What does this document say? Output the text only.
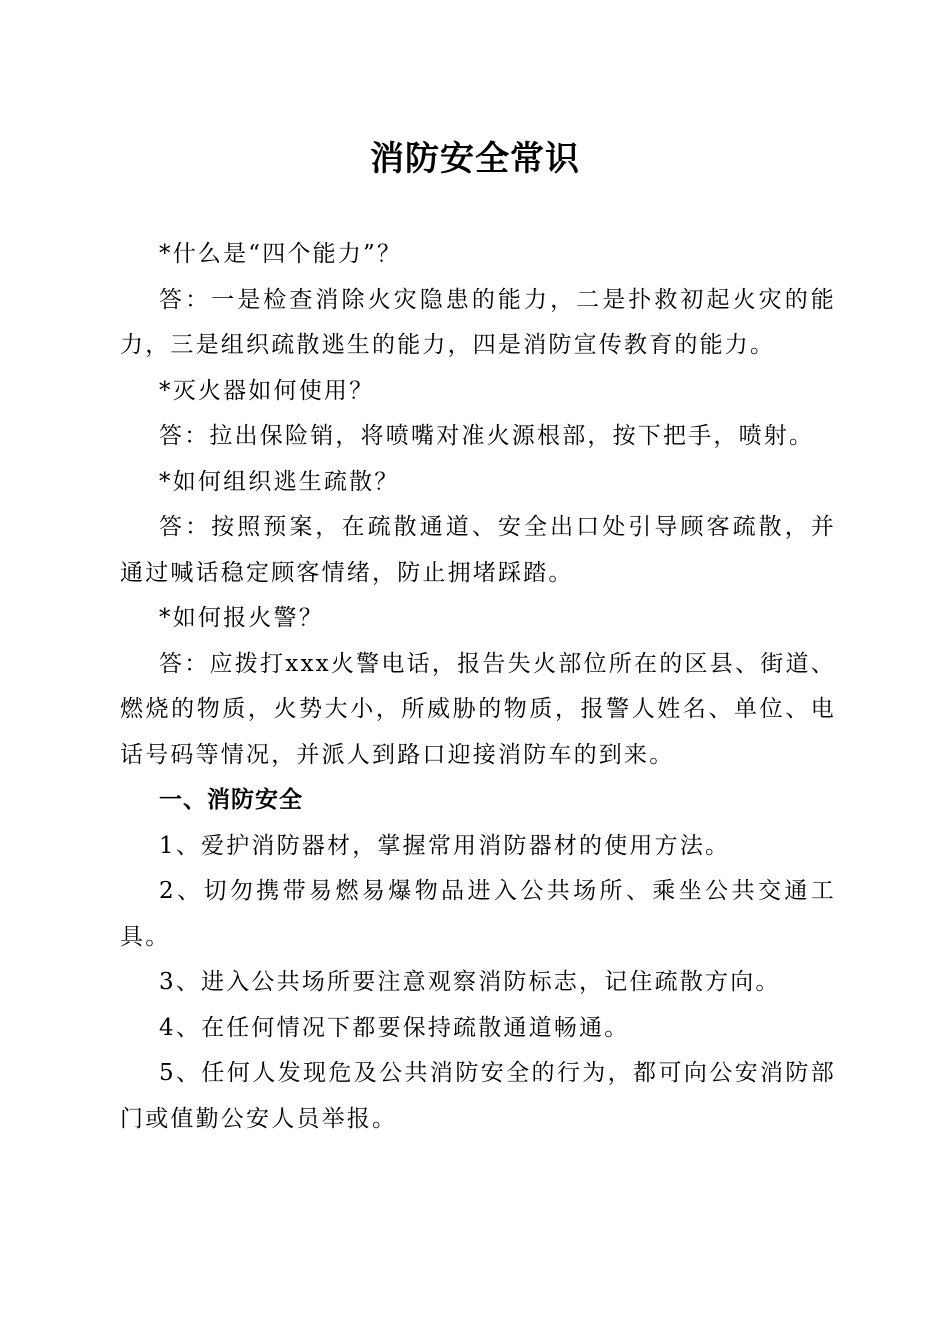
消防安全常识

*什么是“四个能力”？

答：一是检查消除火灾隐患的能力，二是扑救初起火灾的能力，三是组织疏散逃生的能力，四是消防宣传教育的能力。

*灭火器如何使用？

答：拉出保险销，将喷嘴对准火源根部，按下把手，喷射。

*如何组织逃生疏散？

答：按照预案，在疏散通道、安全出口处引导顾客疏散，并通过喊话稳定顾客情绪，防止拥堵踩踏。

*如何报火警？

答：应拨打xxx火警电话，报告失火部位所在的区县、街道、燃烧的物质，火势大小，所威胁的物质，报警人姓名、单位、电话号码等情况，并派人到路口迎接消防车的到来。

一、消防安全

1、爱护消防器材，掌握常用消防器材的使用方法。

2、切勿携带易燃易爆物品进入公共场所、乘坐公共交通工具。

3、进入公共场所要注意观察消防标志，记住疏散方向。

4、在任何情况下都要保持疏散通道畅通。

5、任何人发现危及公共消防安全的行为，都可向公安消防部门或值勤公安人员举报。
